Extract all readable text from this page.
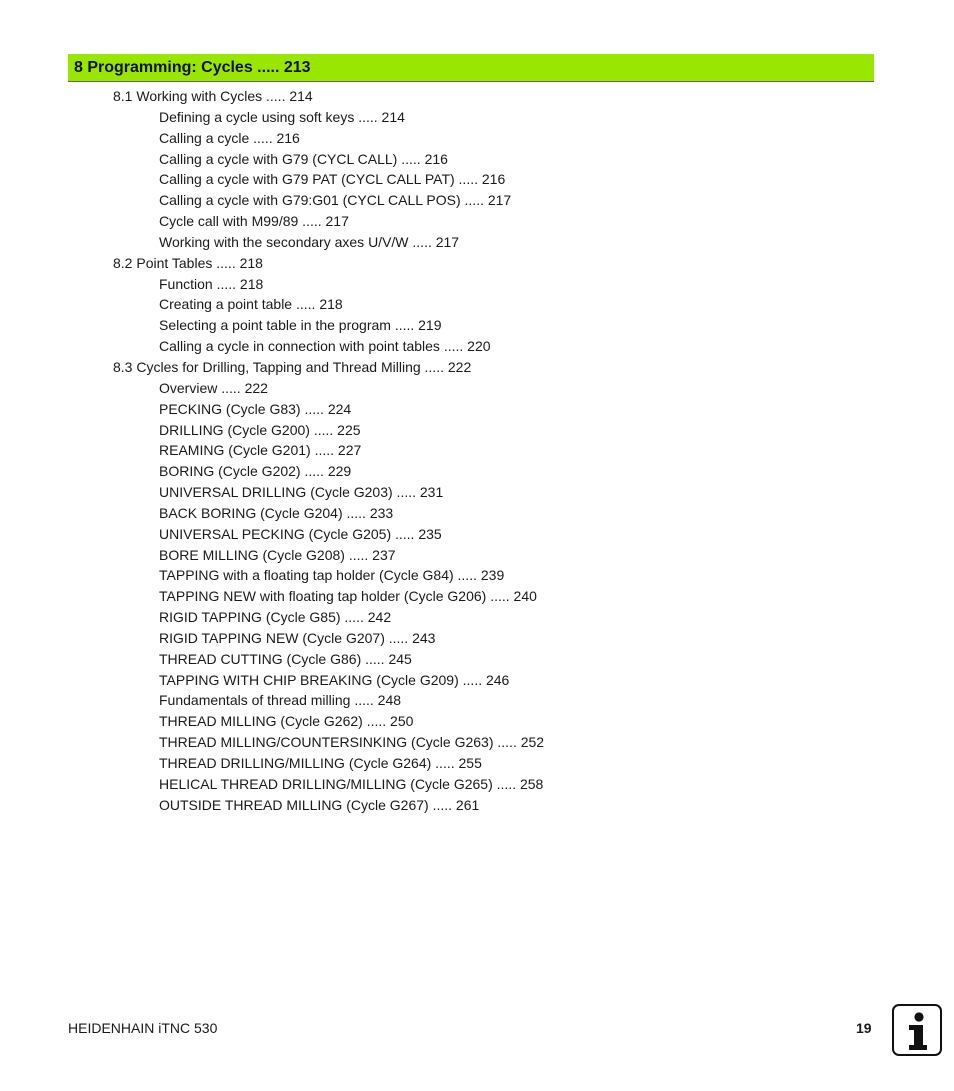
8 Programming: Cycles ..... 213
8.1 Working with Cycles ..... 214
Defining a cycle using soft keys ..... 214
Calling a cycle ..... 216
Calling a cycle with G79 (CYCL CALL) ..... 216
Calling a cycle with G79 PAT (CYCL CALL PAT) ..... 216
Calling a cycle with G79:G01 (CYCL CALL POS) ..... 217
Cycle call with M99/89 ..... 217
Working with the secondary axes U/V/W ..... 217
8.2 Point Tables ..... 218
Function ..... 218
Creating a point table ..... 218
Selecting a point table in the program ..... 219
Calling a cycle in connection with point tables ..... 220
8.3 Cycles for Drilling, Tapping and Thread Milling ..... 222
Overview ..... 222
PECKING (Cycle G83) ..... 224
DRILLING (Cycle G200) ..... 225
REAMING (Cycle G201) ..... 227
BORING (Cycle G202) ..... 229
UNIVERSAL DRILLING (Cycle G203) ..... 231
BACK BORING (Cycle G204) ..... 233
UNIVERSAL PECKING (Cycle G205) ..... 235
BORE MILLING (Cycle G208) ..... 237
TAPPING with a floating tap holder (Cycle G84) ..... 239
TAPPING NEW with floating tap holder (Cycle G206) ..... 240
RIGID TAPPING (Cycle G85) ..... 242
RIGID TAPPING NEW (Cycle G207) ..... 243
THREAD CUTTING (Cycle G86) ..... 245
TAPPING WITH CHIP BREAKING (Cycle G209) ..... 246
Fundamentals of thread milling ..... 248
THREAD MILLING (Cycle G262) ..... 250
THREAD MILLING/COUNTERSINKING (Cycle G263) ..... 252
THREAD DRILLING/MILLING (Cycle G264) ..... 255
HELICAL THREAD DRILLING/MILLING (Cycle G265) ..... 258
OUTSIDE THREAD MILLING (Cycle G267) ..... 261
HEIDENHAIN iTNC 530	19
